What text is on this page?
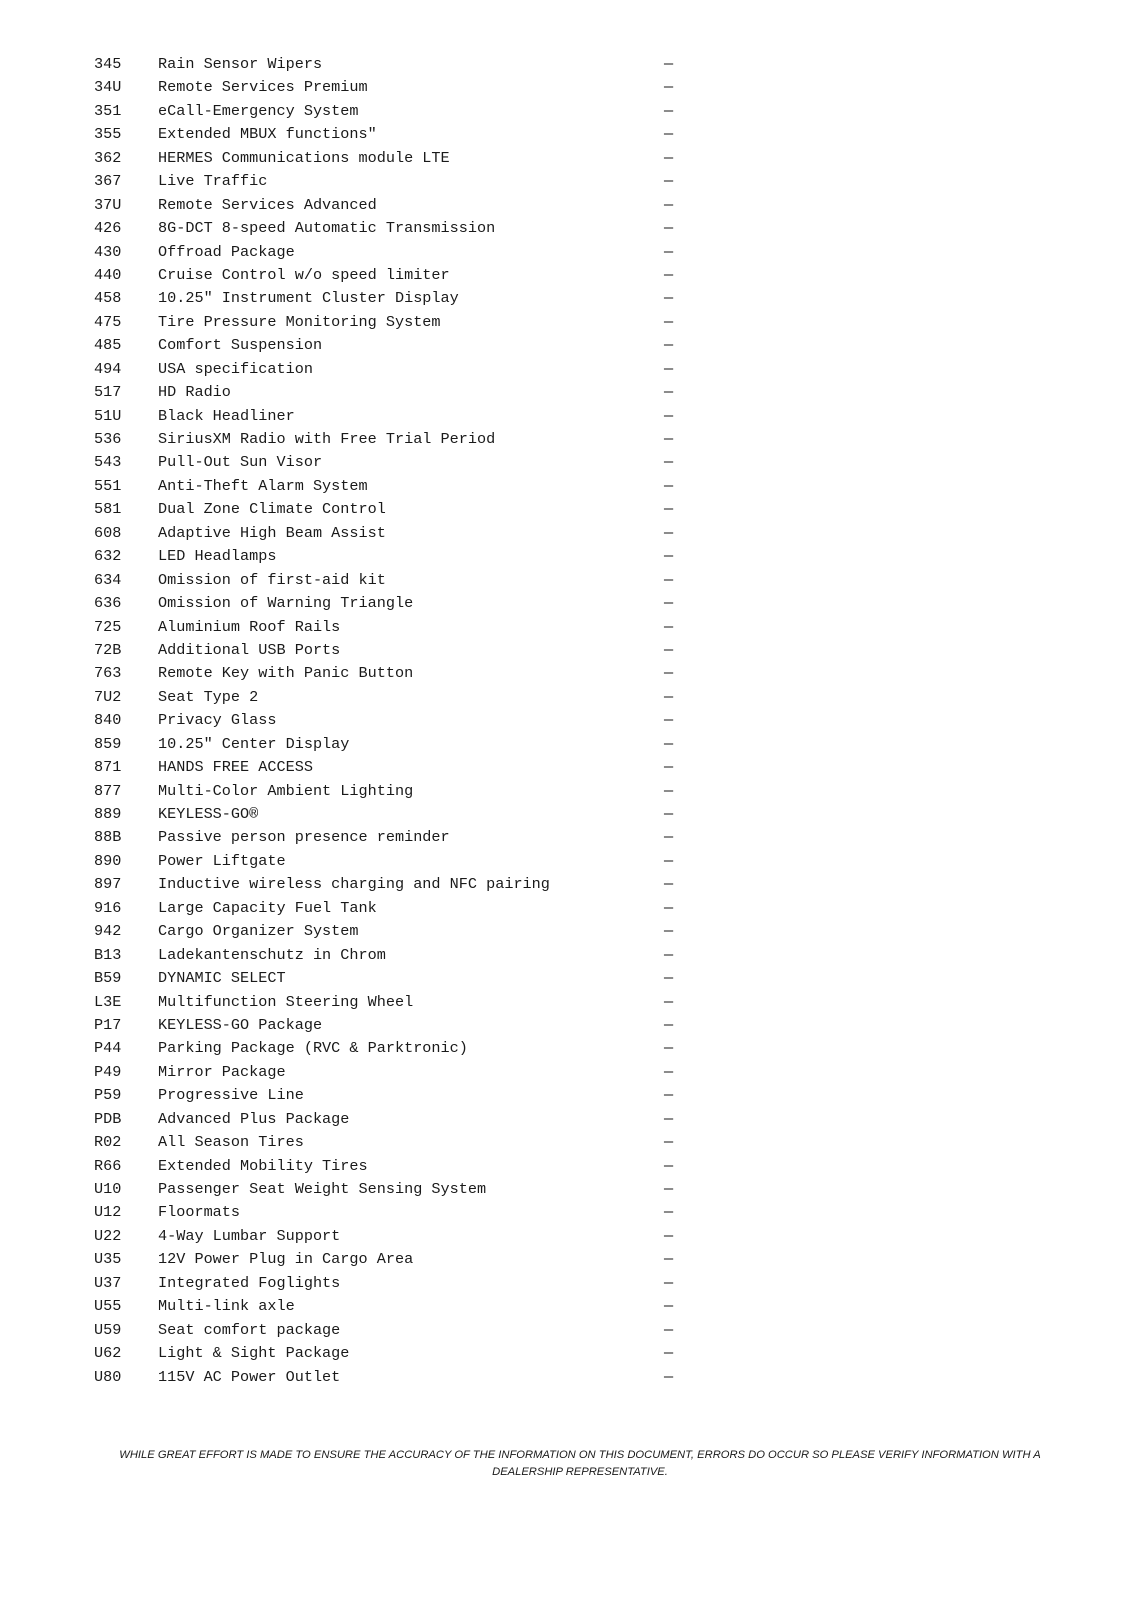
345 Rain Sensor Wipers	—
34U Remote Services Premium	—
351 eCall-Emergency System	—
355 Extended MBUX functions"	—
362 HERMES Communications module LTE	—
367 Live Traffic	—
37U Remote Services Advanced	—
426 8G-DCT 8-speed Automatic Transmission	—
430 Offroad Package	—
440 Cruise Control w/o speed limiter	—
458 10.25" Instrument Cluster Display	—
475 Tire Pressure Monitoring System	—
485 Comfort Suspension	—
494 USA specification	—
517 HD Radio	—
51U Black Headliner	—
536 SiriusXM Radio with Free Trial Period	—
543 Pull-Out Sun Visor	—
551 Anti-Theft Alarm System	—
581 Dual Zone Climate Control	—
608 Adaptive High Beam Assist	—
632 LED Headlamps	—
634 Omission of first-aid kit	—
636 Omission of Warning Triangle	—
725 Aluminium Roof Rails	—
72B Additional USB Ports	—
763 Remote Key with Panic Button	—
7U2 Seat Type 2	—
840 Privacy Glass	—
859 10.25" Center Display	—
871 HANDS FREE ACCESS	—
877 Multi-Color Ambient Lighting	—
889 KEYLESS-GO®	—
88B Passive person presence reminder	—
890 Power Liftgate	—
897 Inductive wireless charging and NFC pairing	—
916 Large Capacity Fuel Tank	—
942 Cargo Organizer System	—
B13 Ladekantenschutz in Chrom	—
B59 DYNAMIC SELECT	—
L3E Multifunction Steering Wheel	—
P17 KEYLESS-GO Package	—
P44 Parking Package (RVC & Parktronic)	—
P49 Mirror Package	—
P59 Progressive Line	—
PDB Advanced Plus Package	—
R02 All Season Tires	—
R66 Extended Mobility Tires	—
U10 Passenger Seat Weight Sensing System	—
U12 Floormats	—
U22 4-Way Lumbar Support	—
U35 12V Power Plug in Cargo Area	—
U37 Integrated Foglights	—
U55 Multi-link axle	—
U59 Seat comfort package	—
U62 Light & Sight Package	—
U80 115V AC Power Outlet	—
WHILE GREAT EFFORT IS MADE TO ENSURE THE ACCURACY OF THE INFORMATION ON THIS DOCUMENT, ERRORS DO OCCUR SO PLEASE VERIFY INFORMATION WITH A
DEALERSHIP REPRESENTATIVE.
